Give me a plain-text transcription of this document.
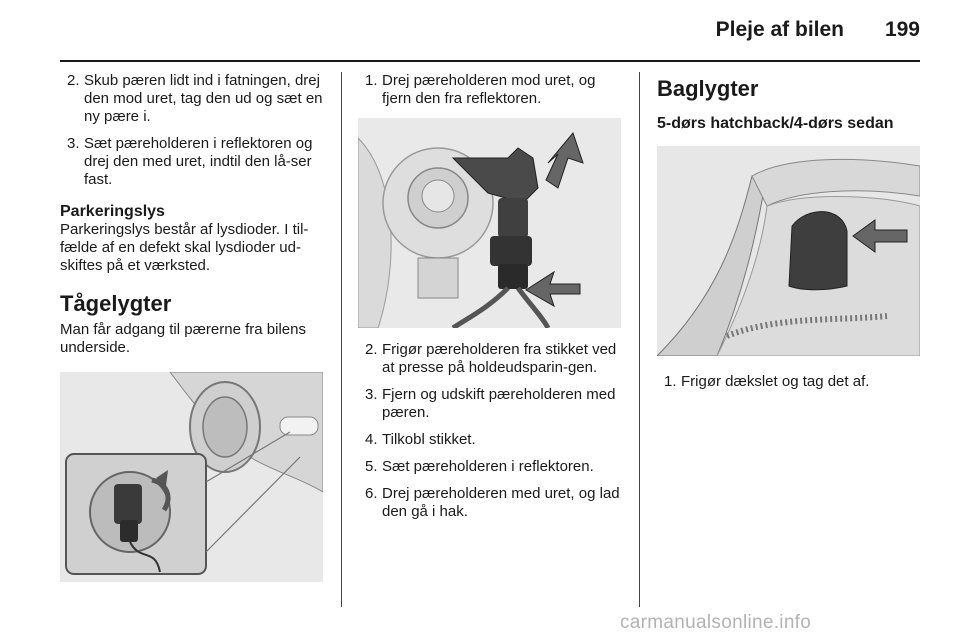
Pleje af bilen 199
2. Skub pæren lidt ind i fatningen, drej den mod uret, tag den ud og sæt en ny pære i.
3. Sæt pæreholderen i reflektoren og drej den med uret, indtil den lå-ser fast.
Parkeringslys

Parkeringslys består af lysdioder. I til-fælde af en defekt skal lysdioder ud-skiftes på et værksted.

Tågelygter

Man får adgang til pærerne fra bilens underside.

1. Drej pæreholderen mod uret, og fjern den fra reflektoren.
2. Frigør pæreholderen fra stikket ved at presse på holdeudsparin-gen.
3. Fjern og udskift pæreholderen med pæren.
4. Tilkobl stikket.
5. Sæt pæreholderen i reflektoren.
6. Drej pæreholderen med uret, og lad den gå i hak.
Baglygter
5-dørs hatchback/4-dørs sedan
1. Frigør dækslet og tag det af.
carmanualsonline.info
